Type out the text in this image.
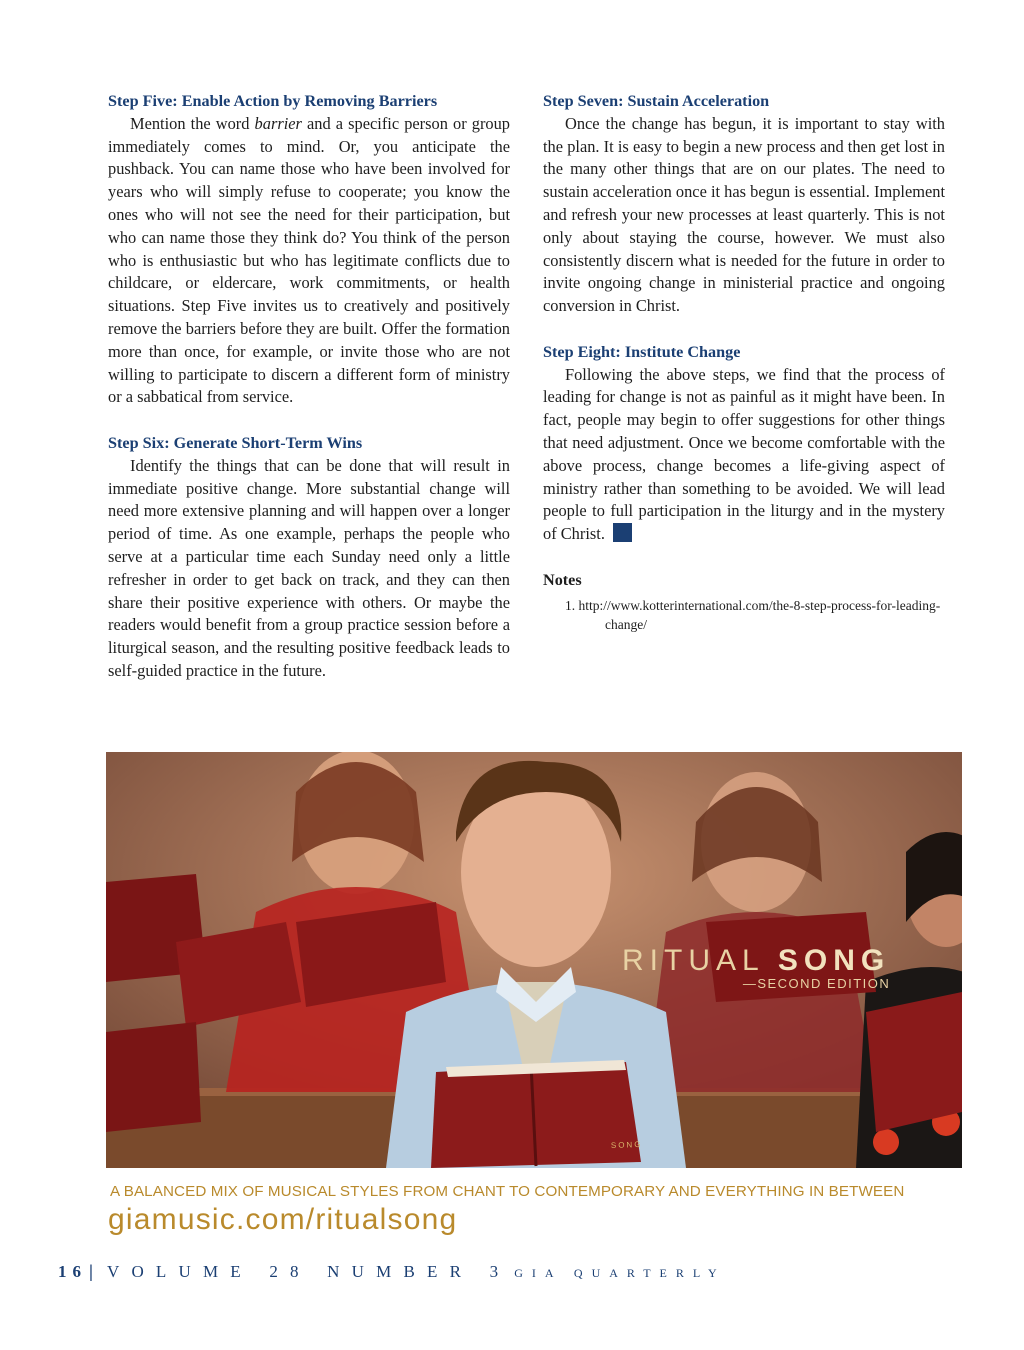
Step Five: Enable Action by Removing Barriers

Mention the word barrier and a specific person or group immediately comes to mind. Or, you anticipate the pushback. You can name those who have been involved for years who will simply refuse to cooperate; you know the ones who will not see the need for their participation, but who can name those they think do? You think of the person who is enthusiastic but who has legitimate conflicts due to childcare, or eldercare, work commitments, or health situations. Step Five invites us to creatively and positively remove the barriers before they are built. Offer the formation more than once, for example, or invite those who are not willing to participate to discern a different form of ministry or a sabbatical from service.

Step Six: Generate Short-Term Wins

Identify the things that can be done that will result in immediate positive change. More substantial change will need more extensive planning and will happen over a longer period of time. As one example, perhaps the people who serve at a particular time each Sunday need only a little refresher in order to get back on track, and they can then share their positive experience with others. Or maybe the readers would benefit from a group practice session before a liturgical season, and the resulting positive feedback leads to self-guided practice in the future.

Step Seven: Sustain Acceleration

Once the change has begun, it is important to stay with the plan. It is easy to begin a new process and then get lost in the many other things that are on our plates. The need to sustain acceleration once it has begun is essential. Implement and refresh your new processes at least quarterly. This is not only about staying the course, however. We must also consistently discern what is needed for the future in order to invite ongoing change in ministerial practice and ongoing conversion in Christ.

Step Eight: Institute Change

Following the above steps, we find that the process of leading for change is not as painful as it might have been. In fact, people may begin to offer suggestions for other things that need adjustment. Once we become comfortable with the above process, change becomes a life-giving aspect of ministry rather than something to be avoided. We will lead people to full participation in the liturgy and in the mystery of Christ.

Notes
1. http://www.kotterinternational.com/the-8-step-process-for-leading-change/
SONG
RITUAL SONG
—SECOND EDITION
A BALANCED MIX OF MUSICAL STYLES FROM CHANT TO CONTEMPORARY AND EVERYTHING IN BETWEEN
giamusic.com/ritualsong
16 | VOLUME 28 NUMBER 3 GIA QUARTERLY
